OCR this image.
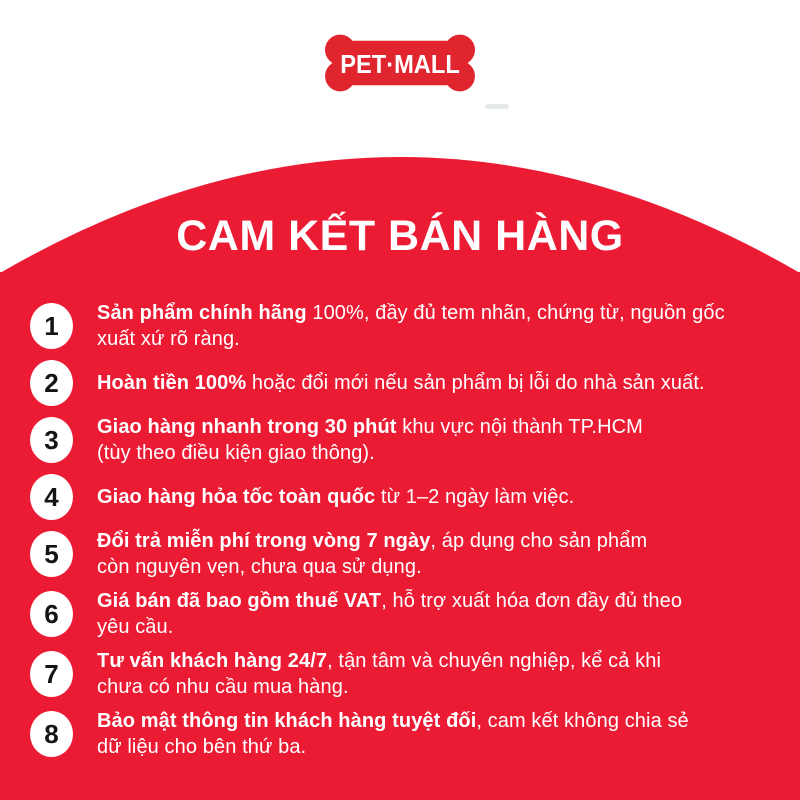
PET·MALL
CAM KẾT BÁN HÀNG
1	Sản phẩm chính hãng 100%, đầy đủ tem nhãn, chứng từ, nguồn gốc
xuất xứ rõ ràng.

2	Hoàn tiền 100% hoặc đổi mới nếu sản phẩm bị lỗi do nhà sản xuất.

3	Giao hàng nhanh trong 30 phút khu vực nội thành TP.HCM
(tùy theo điều kiện giao thông).

4	Giao hàng hỏa tốc toàn quốc từ 1–2 ngày làm việc.

5	Đổi trả miễn phí trong vòng 7 ngày, áp dụng cho sản phẩm
còn nguyên vẹn, chưa qua sử dụng.

6	Giá bán đã bao gồm thuế VAT, hỗ trợ xuất hóa đơn đầy đủ theo
yêu cầu.

7	Tư vấn khách hàng 24/7, tận tâm và chuyên nghiệp, kể cả khi
chưa có nhu cầu mua hàng.

8	Bảo mật thông tin khách hàng tuyệt đối, cam kết không chia sẻ
dữ liệu cho bên thứ ba.
